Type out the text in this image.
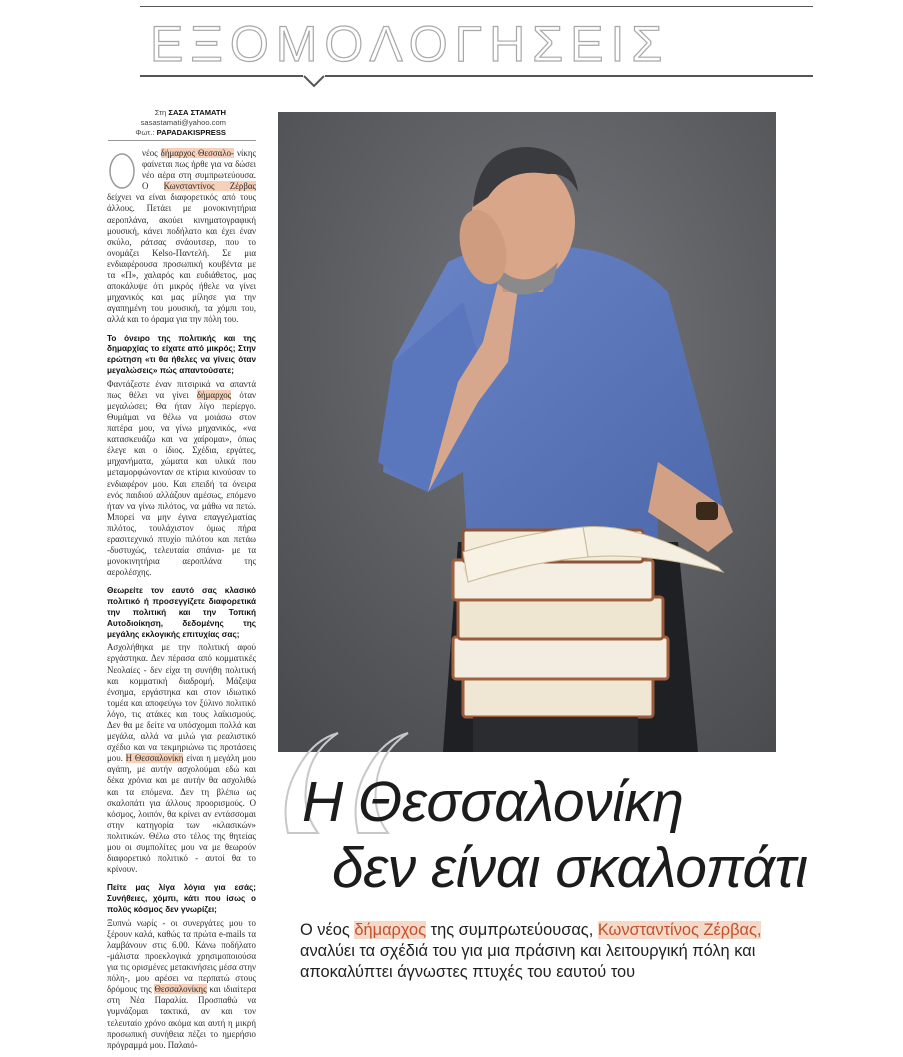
ΕΞΟΜΟΛΟΓΗΣΕΙΣ
Στη ΣΑΣΑ ΣΤΑΜΑΤΗ
sasastamati@yahoo.com
Φωτ.: PAPADAKISPRESS

νέος δήμαρχος Θεσσαλο- νίκης φαίνεται πως ήρθε για να δώσει νέο αέρα στη συμπρωτεύουσα. Ο Κωνσταντίνος Ζέρβας δείχνει να είναι διαφορετικός από τους άλλους. Πετάει με μονοκινητήρια αεροπλάνα, ακούει κινηματογραφική μουσική, κάνει ποδήλατο και έχει έναν σκύλο, ράτσας σνάουτσερ, που το ονομάζει Kelso-Παντελή. Σε μια ενδιαφέρουσα προσωπική κουβέντα με τα «Π», χαλαρός και ευδιάθετος, μας αποκάλυψε ότι μικρός ήθελε να γίνει μηχανικός και μας μίλησε για την αγαπημένη του μουσική, τα χόμπι του, αλλά και το όραμα για την πόλη του.

Το όνειρο της πολιτικής και της δημαρχίας το είχατε από μικρός; Στην ερώτηση «τι θα ήθελες να γίνεις όταν μεγαλώσεις» πώς απαντούσατε;

Φαντάζεστε έναν πιτσιρικά να απαντά πως θέλει να γίνει δήμαρχος όταν μεγαλώσει; Θα ήταν λίγο περίεργο. Θυμάμαι να θέλω να μοιάσω στον πατέρα μου, να γίνω μηχανικός, «να κατασκευάζω και να χαίρομαι», όπως έλεγε και ο ίδιος. Σχέδια, εργάτες, μηχανήματα, χώματα και υλικά που μεταμορφώνονταν σε κτίρια κινούσαν το ενδιαφέρον μου. Και επειδή τα όνειρα ενός παιδιού αλλάζουν αμέσως, επόμενο ήταν να γίνω πιλότος, να μάθω να πετώ. Μπορεί να μην έγινα επαγγελματίας πιλότος, τουλάχιστον όμως πήρα ερασιτεχνικό πτυχίο πιλότου και πετάω -δυστυχώς, τελευταία σπάνια- με τα μονοκινητήρια αεροπλάνα της αερολέσχης.

Θεωρείτε τον εαυτό σας κλασικό πολιτικό ή προσεγγίζετε διαφορετικά την πολιτική και την Τοπική Αυτοδιοίκηση, δεδομένης της μεγάλης εκλογικής επιτυχίας σας;

Ασχολήθηκα με την πολιτική αφού εργάστηκα. Δεν πέρασα από κομματικές Νεολαίες - δεν είχα τη συνήθη πολιτική και κομματική διαδρομή. Μάζεψα ένσημα, εργάστηκα και στον ιδιωτικό τομέα και αποφεύγω τον ξύλινο πολιτικό λόγο, τις ατάκες και τους λαϊκισμούς. Δεν θα με δείτε να υπόσχομαι πολλά και μεγάλα, αλλά να μιλώ για ρεαλιστικό σχέδιο και να τεκμηριώνω τις προτάσεις μου. Η Θεσσαλονίκη είναι η μεγάλη μου αγάπη, με αυτήν ασχολούμαι εδώ και δέκα χρόνια και με αυτήν θα ασχολιθώ και τα επόμενα. Δεν τη βλέπω ως σκαλοπάτι για άλλους προορισμούς. Ο κόσμος, λοιπόν, θα κρίνει αν εντάσσομαι στην κατηγορία των «κλασικών» πολιτικών. Θέλω στο τέλος της θητείας μου οι συμπολίτες μου να με θεωρούν διαφορετικό πολιτικό - αυτοί θα το κρίνουν.

Πείτε μας λίγα λόγια για εσάς; Συνήθειες, χόμπι, κάτι που ίσως ο πολύς κόσμος δεν γνωρίζει;

Ξυπνώ νωρίς - οι συνεργάτες μου το ξέρουν καλά, καθώς τα πρώτα e-mails τα λαμβάνουν στις 6.00. Κάνω ποδήλατο -μάλιστα προεκλογικά χρησιμοποιούσα για τις ορισμένες μετακινήσεις μέσα στην πόλη-, μου αρέσει να περπατώ στους δρόμους της Θεσσαλονίκης και ιδιαίτερα στη Νέα Παραλία. Προσπαθώ να γυμνάζομαι τακτικά, αν και τον τελευταίο χρόνο ακόμα και αυτή η μικρή προσωπική συνήθεια πέζει το ημερήσιο πρόγραμμά μου. Παλαιό-

Η Θεσσαλονίκη
δεν είναι σκαλοπάτι
Ο νέος δήμαρχος της συμπρωτεύουσας, Κωνσταντίνος Ζέρβας, αναλύει τα σχέδιά του για μια πράσινη και λειτουργική πόλη και αποκαλύπτει άγνωστες πτυχές του εαυτού του
